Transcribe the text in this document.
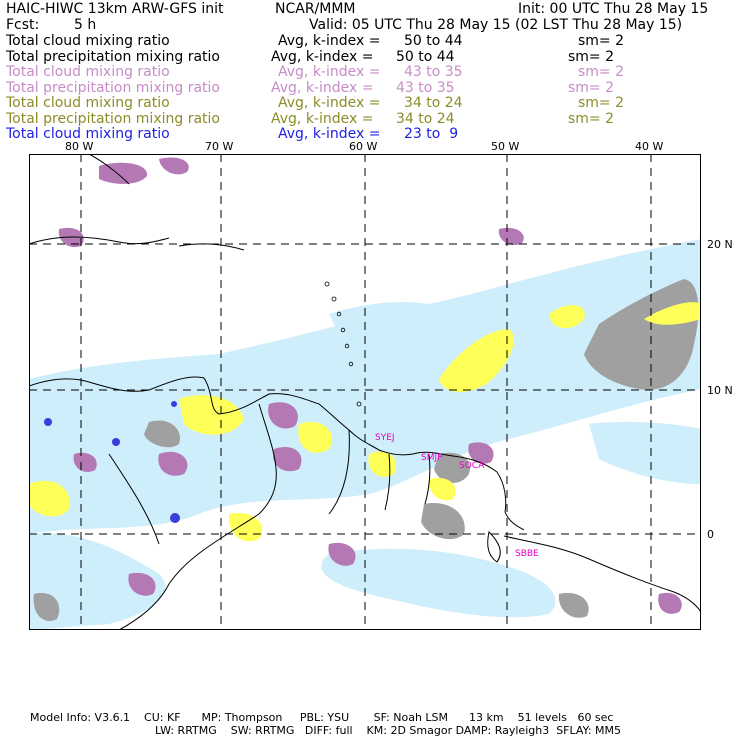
HAIC-HIWC 13km ARW-GFS init	NCAR/MMM	Init: 00 UTC Thu 28 May 15
Fcst: 5 h	Valid: 05 UTC Thu 28 May 15 (02 LST Thu 28 May 15)
Total cloud mixing ratio	Avg, k-index = 50 to 44	sm= 2
Total precipitation mixing ratio	Avg, k-index = 50 to 44	sm= 2
Total cloud mixing ratio	Avg, k-index = 43 to 35	sm= 2
Total precipitation mixing ratio	Avg, k-index = 43 to 35	sm= 2
Total cloud mixing ratio	Avg, k-index = 34 to 24	sm= 2
Total precipitation mixing ratio	Avg, k-index = 34 to 24	sm= 2
Total cloud mixing ratio	Avg, k-index = 23 to  9
80 W	70 W	60 W	50 W	40 W
20 N
10 N
0
SYEJ
SMJP
SOCA
SBBE
Model Info: V3.6.1    CU: KF      MP: Thompson     PBL: YSU       SF: Noah LSM      13 km    51 levels   60 sec
LW: RRTMG    SW: RRTMG   DIFF: full    KM: 2D Smagor DAMP: Rayleigh3  SFLAY: MM5
